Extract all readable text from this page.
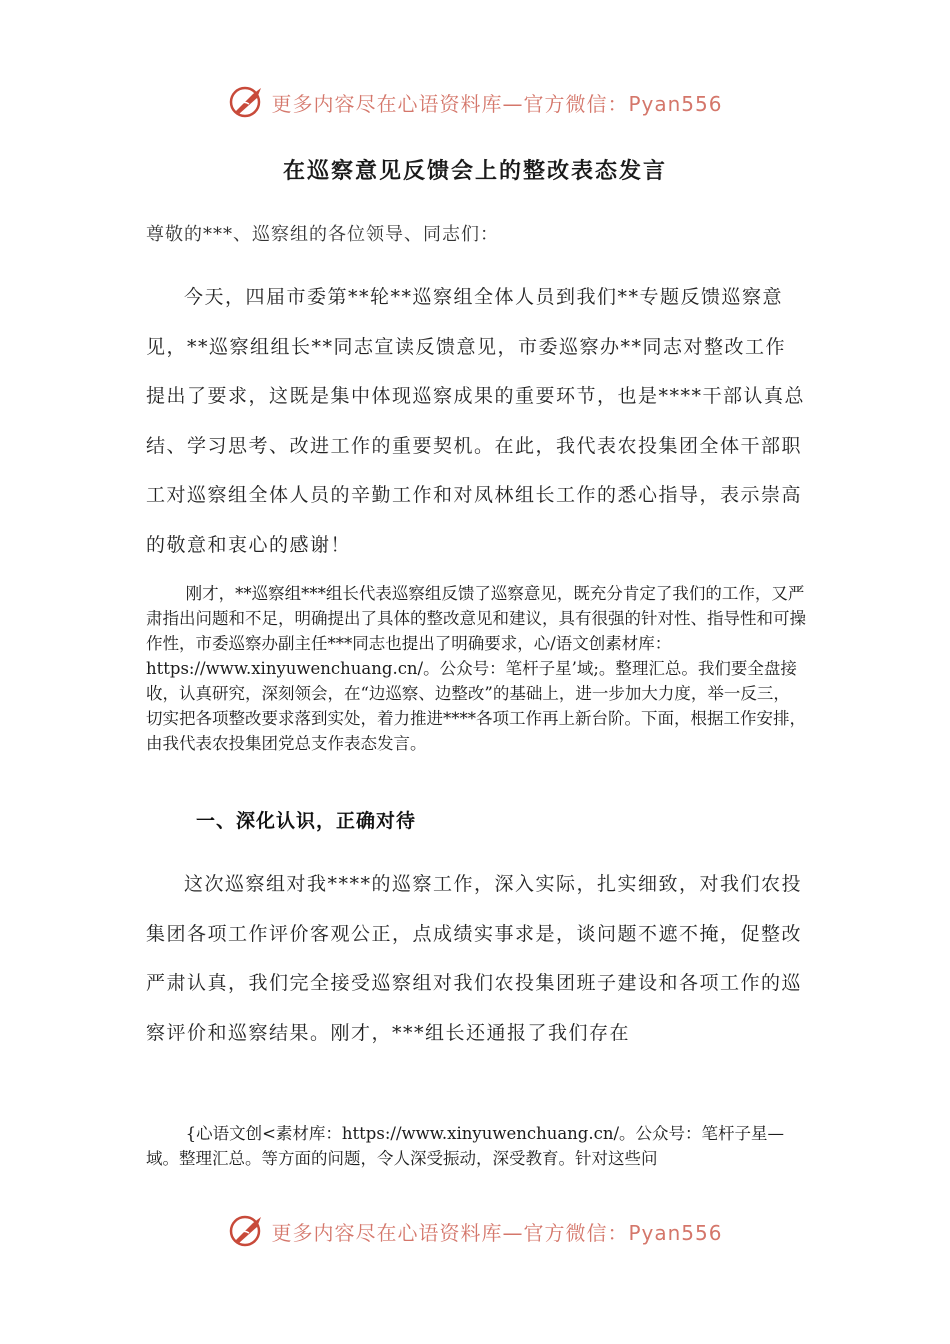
更多内容尽在心语资料库—官方微信：Pyan556
在巡察意见反馈会上的整改表态发言
尊敬的***、巡察组的各位领导、同志们：

今天，四届市委第**轮**巡察组全体人员到我们**专题反馈巡察意见，**巡察组组长**同志宣读反馈意见，市委巡察办**同志对整改工作提出了要求，这既是集中体现巡察成果的重要环节，也是****干部认真总结、学习思考、改进工作的重要契机。在此，我代表农投集团全体干部职工对巡察组全体人员的辛勤工作和对凤林组长工作的悉心指导，表示崇高的敬意和衷心的感谢！

刚才，**巡察组***组长代表巡察组反馈了巡察意见，既充分肯定了我们的工作，又严肃指出问题和不足，明确提出了具体的整改意见和建议，具有很强的针对性、指导性和可操作性，市委巡察办副主任***同志也提出了明确要求，心/语文创素材库：https://www.xinyuwenchuang.cn/。公众号：笔杆子星’域;。整理汇总。我们要全盘接收，认真研究，深刻领会，在“边巡察、边整改”的基础上，进一步加大力度，举一反三，切实把各项整改要求落到实处，着力推进****各项工作再上新台阶。下面，根据工作安排，由我代表农投集团党总支作表态发言。

一、深化认识，正确对待

这次巡察组对我****的巡察工作，深入实际，扎实细致，对我们农投集团各项工作评价客观公正，点成绩实事求是，谈问题不遮不掩，促整改严肃认真，我们完全接受巡察组对我们农投集团班子建设和各项工作的巡察评价和巡察结果。刚才，***组长还通报了我们存在

{心语文创<素材库：https://www.xinyuwenchuang.cn/。公众号：笔杆子星—域。整理汇总。等方面的问题，令人深受振动，深受教育。针对这些问

更多内容尽在心语资料库—官方微信：Pyan556
